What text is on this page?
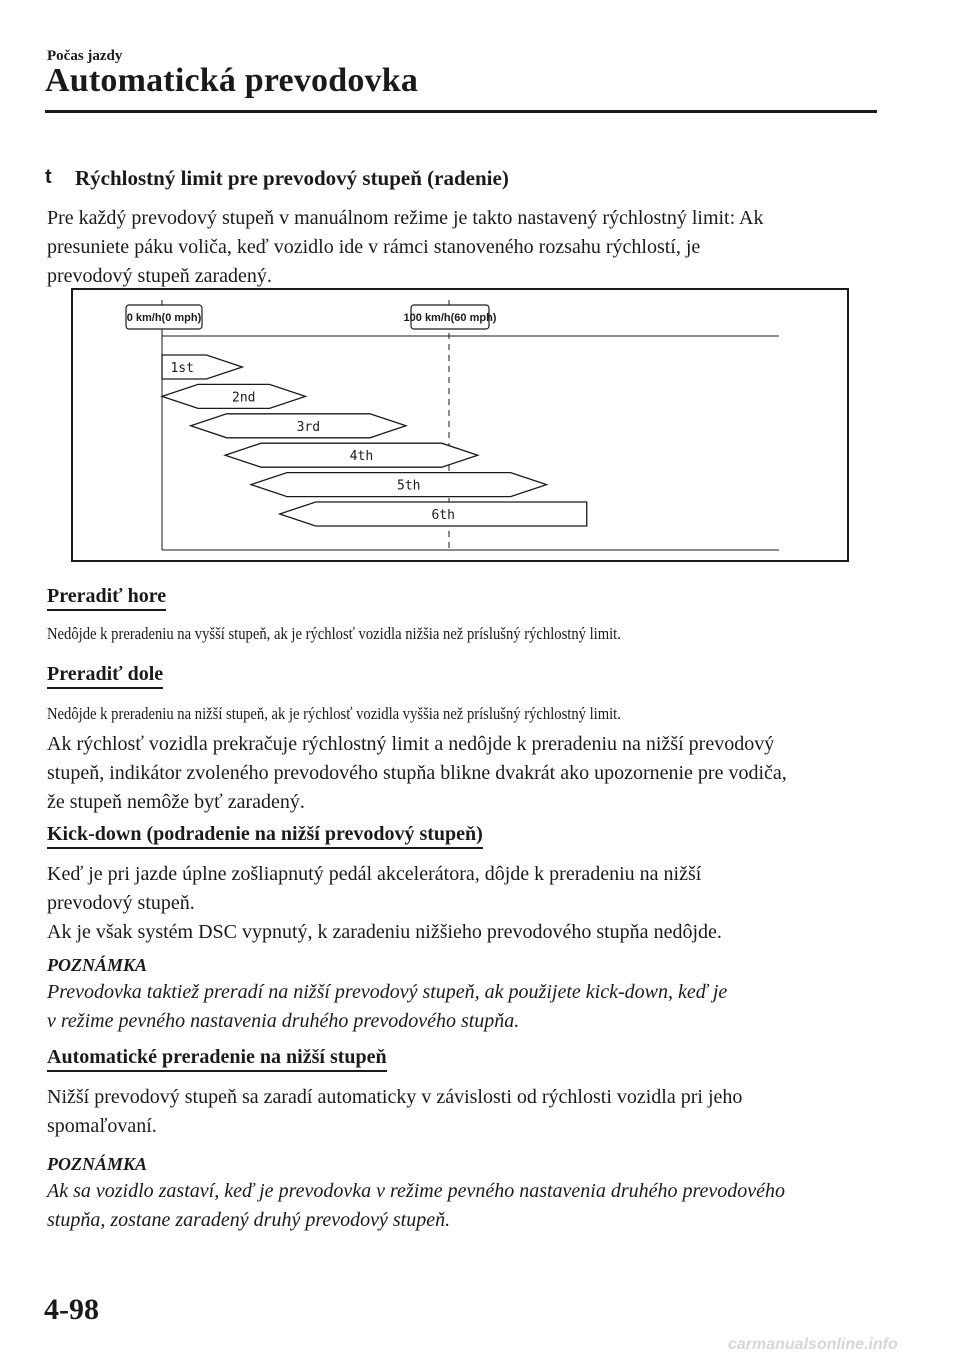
Počas jazdy
Automatická prevodovka
t Rýchlostný limit pre prevodový stupeň (radenie)
Pre každý prevodový stupeň v manuálnom režime je takto nastavený rýchlostný limit: Ak
presuniete páku voliča, keď vozidlo ide v rámci stanoveného rozsahu rýchlostí, je
prevodový stupeň zaradený.
0 km/h(0 mph)	100 km/h(60 mph)
1st
2nd
3rd
4th
5th
6th
Preradiť hore
Nedôjde k preradeniu na vyšší stupeň, ak je rýchlosť vozidla nižšia než príslušný rýchlostný limit.
Preradiť dole
Nedôjde k preradeniu na nižší stupeň, ak je rýchlosť vozidla vyššia než príslušný rýchlostný limit.
Ak rýchlosť vozidla prekračuje rýchlostný limit a nedôjde k preradeniu na nižší prevodový
stupeň, indikátor zvoleného prevodového stupňa blikne dvakrát ako upozornenie pre vodiča,
že stupeň nemôže byť zaradený.
Kick-down (podradenie na nižší prevodový stupeň)
Keď je pri jazde úplne zošliapnutý pedál akcelerátora, dôjde k preradeniu na nižší
prevodový stupeň.
Ak je však systém DSC vypnutý, k zaradeniu nižšieho prevodového stupňa nedôjde.
POZNÁMKA
Prevodovka taktiež preradí na nižší prevodový stupeň, ak použijete kick-down, keď je
v režime pevného nastavenia druhého prevodového stupňa.
Automatické preradenie na nižší stupeň
Nižší prevodový stupeň sa zaradí automaticky v závislosti od rýchlosti vozidla pri jeho
spomaľovaní.
POZNÁMKA
Ak sa vozidlo zastaví, keď je prevodovka v režime pevného nastavenia druhého prevodového
stupňa, zostane zaradený druhý prevodový stupeň.
4-98
carmanualsonline.info
